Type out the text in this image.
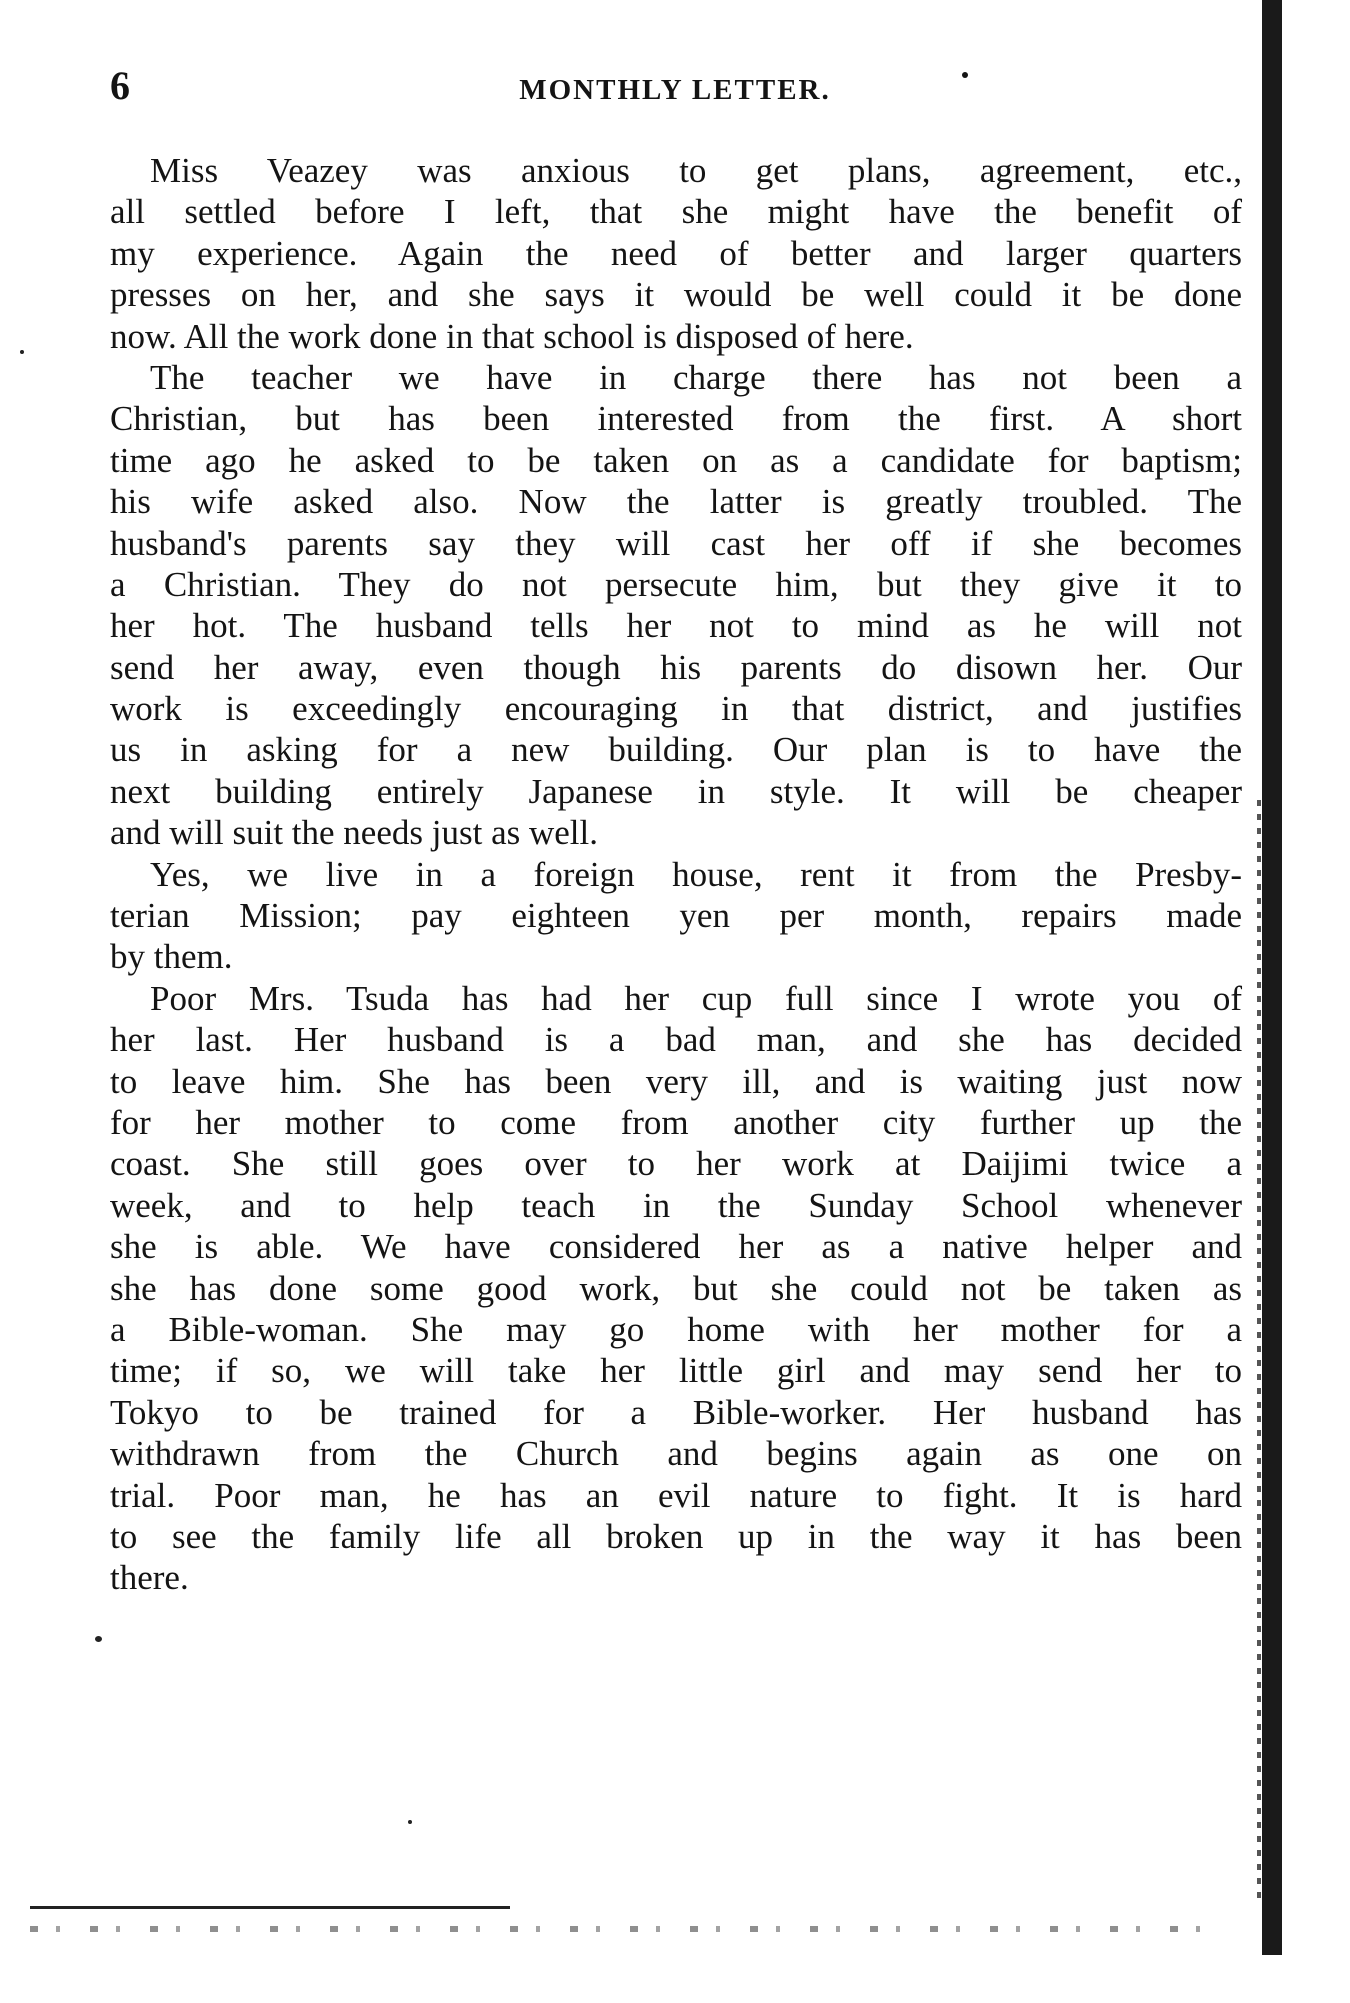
6	MONTHLY LETTER.
Miss Veazey was anxious to get plans, agreement, etc.,
all settled before I left, that she might have the benefit of
my experience. Again the need of better and larger quarters
presses on her, and she says it would be well could it be done
now. All the work done in that school is disposed of here.
The teacher we have in charge there has not been a
Christian, but has been interested from the first. A short
time ago he asked to be taken on as a candidate for baptism;
his wife asked also. Now the latter is greatly troubled. The
husband's parents say they will cast her off if she becomes
a Christian. They do not persecute him, but they give it to
her hot. The husband tells her not to mind as he will not
send her away, even though his parents do disown her. Our
work is exceedingly encouraging in that district, and justifies
us in asking for a new building. Our plan is to have the
next building entirely Japanese in style. It will be cheaper
and will suit the needs just as well.
Yes, we live in a foreign house, rent it from the Presby-
terian Mission; pay eighteen yen per month, repairs made
by them.
Poor Mrs. Tsuda has had her cup full since I wrote you of
her last. Her husband is a bad man, and she has decided
to leave him. She has been very ill, and is waiting just now
for her mother to come from another city further up the
coast. She still goes over to her work at Daijimi twice a
week, and to help teach in the Sunday School whenever
she is able. We have considered her as a native helper and
she has done some good work, but she could not be taken as
a Bible-woman. She may go home with her mother for a
time; if so, we will take her little girl and may send her to
Tokyo to be trained for a Bible-worker. Her husband has
withdrawn from the Church and begins again as one on
trial. Poor man, he has an evil nature to fight. It is hard
to see the family life all broken up in the way it has been
there.
